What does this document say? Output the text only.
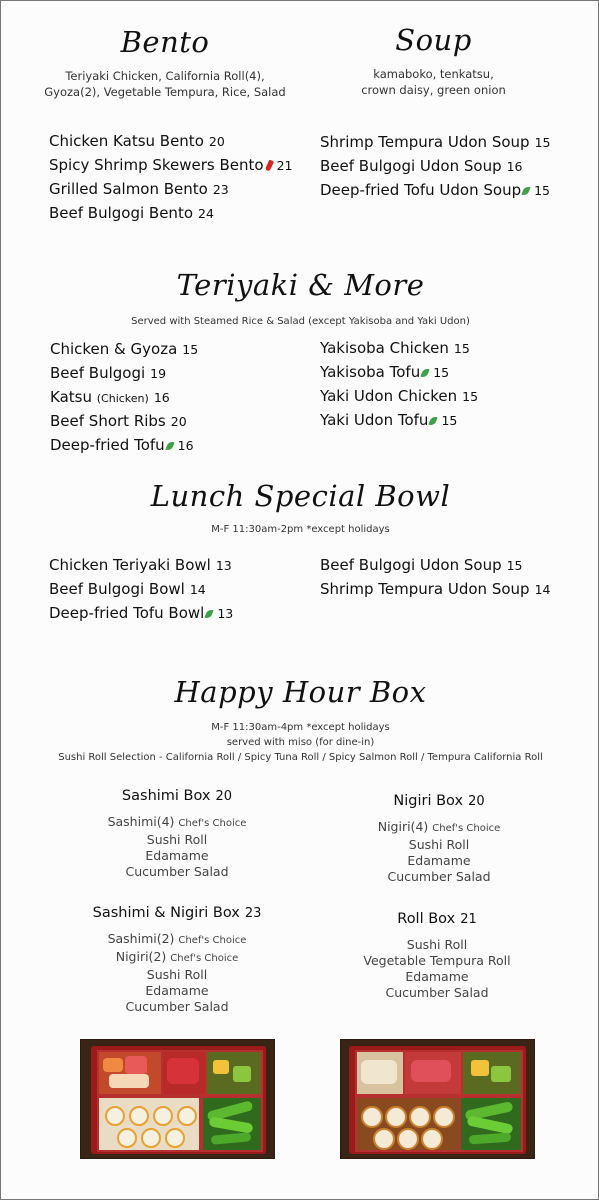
Bento
Teriyaki Chicken, California Roll(4),
Gyoza(2), Vegetable Tempura, Rice, Salad
Chicken Katsu Bento 20
Spicy Shrimp Skewers Bento 21
Grilled Salmon Bento 23
Beef Bulgogi Bento 24
Soup
kamaboko, tenkatsu,
crown daisy, green onion
Shrimp Tempura Udon Soup 15
Beef Bulgogi Udon Soup 16
Deep-fried Tofu Udon Soup 15
Teriyaki & More
Served with Steamed Rice & Salad (except Yakisoba and Yaki Udon)
Chicken & Gyoza 15
Beef Bulgogi 19
Katsu (Chicken) 16
Beef Short Ribs 20
Deep-fried Tofu 16
Yakisoba Chicken 15
Yakisoba Tofu 15
Yaki Udon Chicken 15
Yaki Udon Tofu 15
Lunch Special Bowl
M-F 11:30am-2pm *except holidays
Chicken Teriyaki Bowl 13
Beef Bulgogi Bowl 14
Deep-fried Tofu Bowl 13
Beef Bulgogi Udon Soup 15
Shrimp Tempura Udon Soup 14
Happy Hour Box
M-F 11:30am-4pm *except holidays
served with miso (for dine-in)
Sushi Roll Selection - California Roll / Spicy Tuna Roll / Spicy Salmon Roll / Tempura California Roll
Sashimi Box 20
Sashimi(4) Chef's Choice
Sushi Roll
Edamame
Cucumber Salad
Nigiri Box 20
Nigiri(4) Chef's Choice
Sushi Roll
Edamame
Cucumber Salad
Sashimi & Nigiri Box 23
Sashimi(2) Chef's Choice
Nigiri(2) Chef's Choice
Sushi Roll
Edamame
Cucumber Salad
Roll Box 21
Sushi Roll
Vegetable Tempura Roll
Edamame
Cucumber Salad
